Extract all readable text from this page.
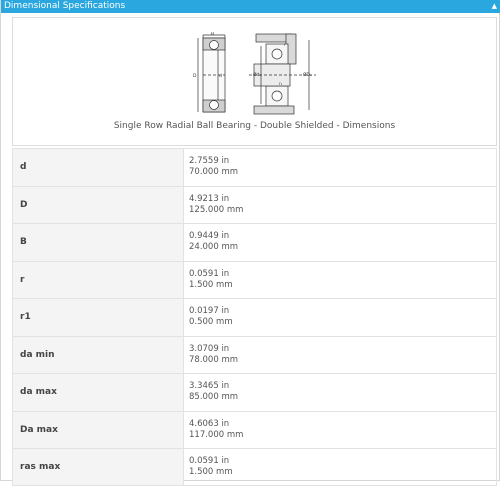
Dimensional Specifications	▲
B
D	d	Ødₐ	ØDₐ
r
r₁
Single Row Radial Ball Bearing - Double Shielded - Dimensions
d
2.7559 in
70.000 mm
D
4.9213 in
125.000 mm
B
0.9449 in
24.000 mm
r
0.0591 in
1.500 mm
r1
0.0197 in
0.500 mm
da min
3.0709 in
78.000 mm
da max
3.3465 in
85.000 mm
Da max
4.6063 in
117.000 mm
ras max
0.0591 in
1.500 mm
